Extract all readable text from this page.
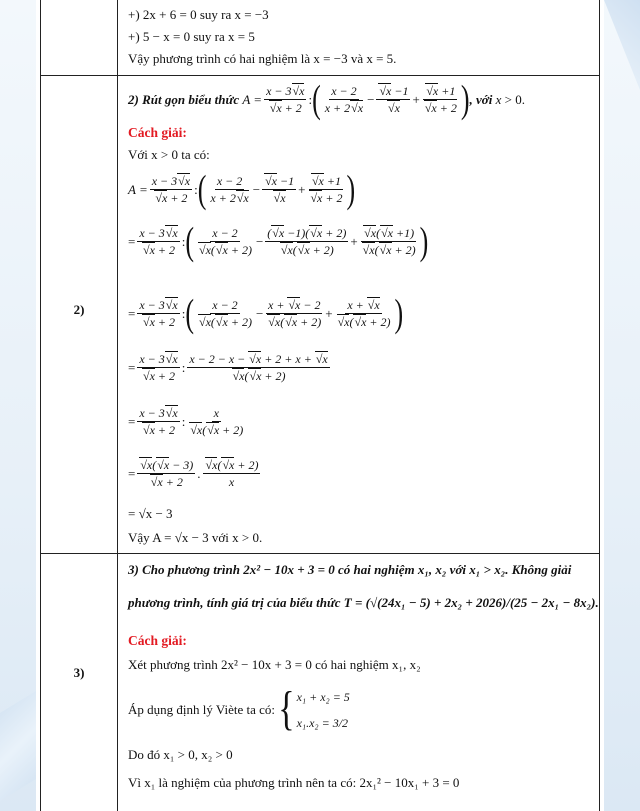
+) 2x + 6 = 0 suy ra x = −3
+) 5 − x = 0 suy ra x = 5
Vậy phương trình có hai nghiệm là x = −3 và x = 5.
2)
2) Rút gọn biểu thức
$A = \frac{x - 3√x}{√x + 2}$ : ( $\frac{x - 2}{x + 2√x} - \frac{√x -1}{√x} + \frac{√x +1}{√x + 2}$ ) , với x > 0.
Cách giải:
Với x > 0 ta có:
$A = \frac{x - 3√x}{√x + 2}$ : ( $\frac{x - 2}{x + 2√x} - \frac{√x -1}{√x} + \frac{√x +1}{√x + 2}$ )
= $\frac{x - 3√x}{√x + 2}$ : ( $\frac{x - 2}{√x(√x + 2)} - \frac{(√x -1)(√x + 2)}{√x(√x + 2)} + \frac{√x(√x +1)}{√x(√x + 2)}$ )
= $\frac{x - 3√x}{√x + 2}$ : ( $\frac{x - 2}{√x(√x + 2)} - \frac{x + √x - 2}{√x(√x + 2)} + \frac{x + √x}{√x(√x + 2)}$ )
= $\frac{x - 3√x}{√x + 2}$ : $\frac{x - 2 - x - √x + 2 + x + √x}{√x(√x + 2)}$
= $\frac{x - 3√x}{√x + 2}$ : $\frac{x}{√x(√x + 2)}$
= $\frac{√x(√x - 3)}{√x + 2}$ . $\frac{√x(√x + 2)}{x}$
= √x − 3
Vậy A = √x − 3 với x > 0.
3)
3) Cho phương trình 2x² − 10x + 3 = 0 có hai nghiệm x₁, x₂ với x₁ > x₂. Không giải
phương trình, tính giá trị của biểu thức T = (√(24x₁ − 5) + 2x₂ + 2026)/(25 − 2x₁ − 8x₂).
Cách giải:
Xét phương trình 2x² − 10x + 3 = 0 có hai nghiệm x₁, x₂
Áp dụng định lý Viète ta có:
{ x₁ + x₂ = 5
x₁.x₂ = 3/2
Do đó x₁ > 0, x₂ > 0
Vì x₁ là nghiệm của phương trình nên ta có: 2x₁² − 10x₁ + 3 = 0
